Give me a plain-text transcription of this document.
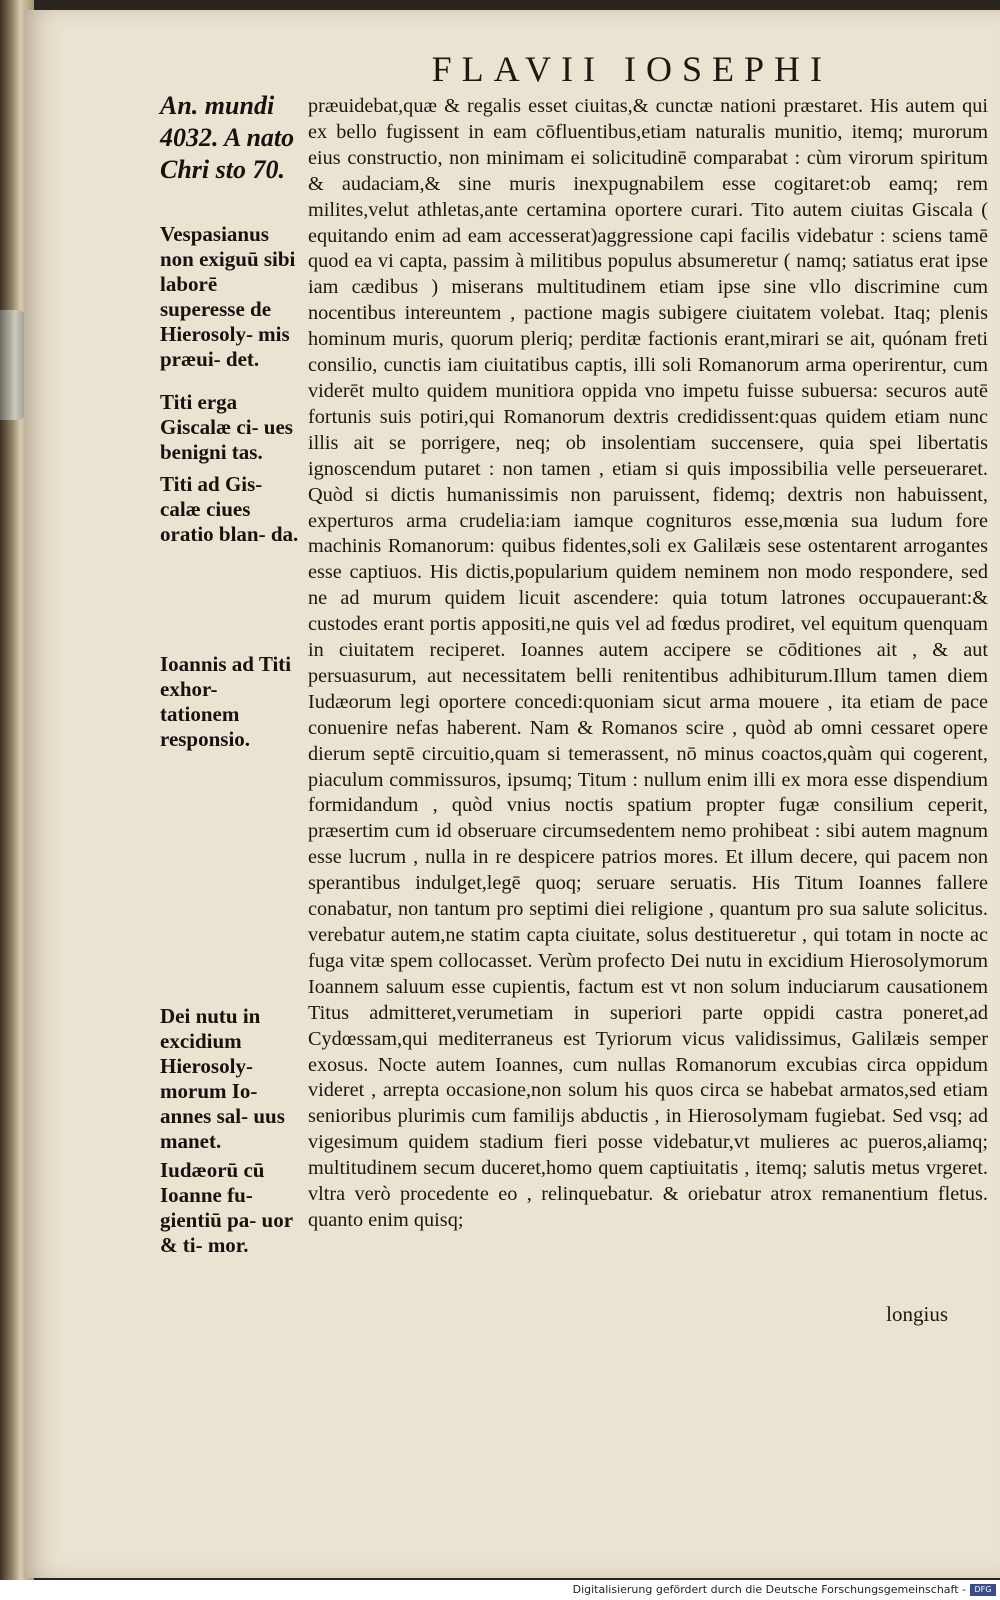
FLAVII IOSEPHI
An. mundi 4032. A nato Chri sto 70.
Vespasianus non exiguū sibi laborē superesse de Hierosoly- mis præui- det.
Titi erga Giscalæ ci- ues benigni tas.
Titi ad Gis- calæ ciues oratio blan- da.
Ioannis ad Titi exhor- tationem responsio.
Dei nutu in excidium Hierosoly- morum Io- annes sal- uus manet.
Iudæorū cū Ioanne fu- gientiū pa- uor & ti- mor.

præuidebat,quæ & regalis esset ciuitas,& cunctæ nationi præstaret. His autem qui ex bello fugissent in eam cōfluentibus,etiam naturalis munitio, itemq; murorum eius constructio, non minimam ei solicitudinē comparabat : cùm virorum spiritum & audaciam,& sine muris inexpugnabilem esse cogitaret:ob eamq; rem milites,velut athletas,ante certamina oportere curari. Tito autem ciuitas Giscala ( equitando enim ad eam accesserat)aggressione capi facilis videbatur : sciens tamē quod ea vi capta, passim à militibus populus absumeretur ( namq; satiatus erat ipse iam cædibus ) miserans multitudinem etiam ipse sine vllo discrimine cum nocentibus intereuntem , pactione magis subigere ciuitatem volebat. Itaq; plenis hominum muris, quorum pleriq; perditæ factionis erant,mirari se ait, quónam freti consilio, cunctis iam ciuitatibus captis, illi soli Romanorum arma operirentur, cum viderēt multo quidem munitiora oppida vno impetu fuisse subuersa: securos autē fortunis suis potiri,qui Romanorum dextris credidissent:quas quidem etiam nunc illis ait se porrigere, neq; ob insolentiam succensere, quia spei libertatis ignoscendum putaret : non tamen , etiam si quis impossibilia velle perseueraret. Quòd si dictis humanissimis non paruissent, fidemq; dextris non habuissent, experturos arma crudelia:iam iamque cognituros esse,mœnia sua ludum fore machinis Romanorum: quibus fidentes,soli ex Galilæis sese ostentarent arrogantes esse captiuos. His dictis,popularium quidem neminem non modo respondere, sed ne ad murum quidem licuit ascendere: quia totum latrones occupauerant:& custodes erant portis appositi,ne quis vel ad fœdus prodiret, vel equitum quenquam in ciuitatem reciperet. Ioannes autem accipere se cōditiones ait , & aut persuasurum, aut necessitatem belli renitentibus adhibiturum.Illum tamen diem Iudæorum legi oportere concedi:quoniam sicut arma mouere , ita etiam de pace conuenire nefas haberent. Nam & Romanos scire , quòd ab omni cessaret opere dierum septē circuitio,quam si temerassent, nō minus coactos,quàm qui cogerent, piaculum commissuros, ipsumq; Titum : nullum enim illi ex mora esse dispendium formidandum , quòd vnius noctis spatium propter fugæ consilium ceperit, præsertim cum id obseruare circumsedentem nemo prohibeat : sibi autem magnum esse lucrum , nulla in re despicere patrios mores. Et illum decere, qui pacem non sperantibus indulget,legē quoq; seruare seruatis. His Titum Ioannes fallere conabatur, non tantum pro septimi diei religione , quantum pro sua salute solicitus. verebatur autem,ne statim capta ciuitate, solus destitueretur , qui totam in nocte ac fuga vitæ spem collocasset. Verùm profecto Dei nutu in excidium Hierosolymorum Ioannem saluum esse cupientis, factum est vt non solum induciarum causationem Titus admitteret,verumetiam in superiori parte oppidi castra poneret,ad Cydœssam,qui mediterraneus est Tyriorum vicus validissimus, Galilæis semper exosus. Nocte autem Ioannes, cum nullas Romanorum excubias circa oppidum videret , arrepta occasione,non solum his quos circa se habebat armatos,sed etiam senioribus plurimis cum familijs abductis , in Hierosolymam fugiebat. Sed vsq; ad vigesimum quidem stadium fieri posse videbatur,vt mulieres ac pueros,aliamq; multitudinem secum duceret,homo quem captiuitatis , itemq; salutis metus vrgeret. vltra verò procedente eo , relinquebatur. & oriebatur atrox remanentium fletus. quanto enim quisq;

longius
Digitalisierung gefördert durch die Deutsche Forschungsgemeinschaft -	DFG
